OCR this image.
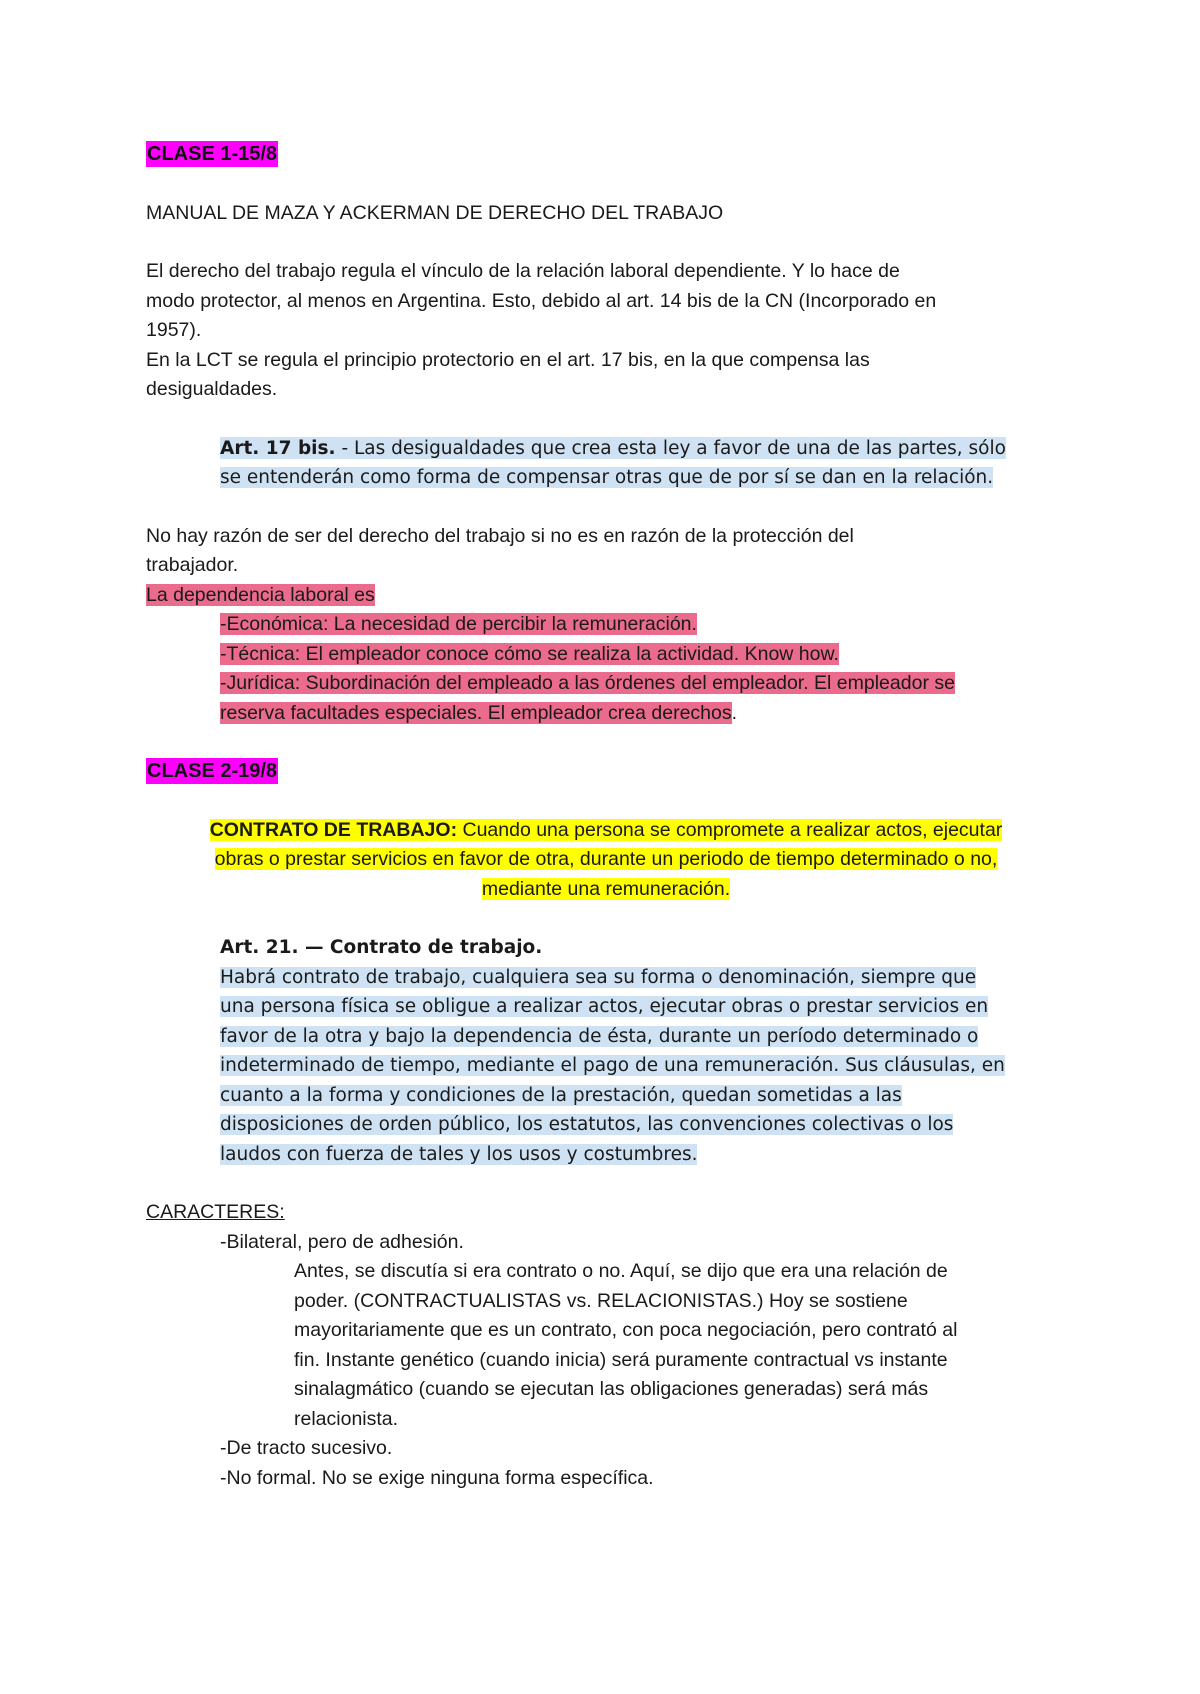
CLASE 1-15/8

MANUAL DE MAZA Y ACKERMAN DE DERECHO DEL TRABAJO

El derecho del trabajo regula el vínculo de la relación laboral dependiente. Y lo hace de

modo protector, al menos en Argentina. Esto, debido al art. 14 bis de la CN (Incorporado en

1957).

En la LCT se regula el principio protectorio en el art. 17 bis, en la que compensa las

desigualdades.

Art. 17 bis. - Las desigualdades que crea esta ley a favor de una de las partes, sólo

se entenderán como forma de compensar otras que de por sí se dan en la relación.

No hay razón de ser del derecho del trabajo si no es en razón de la protección del

trabajador.

La dependencia laboral es

-Económica: La necesidad de percibir la remuneración.

-Técnica: El empleador conoce cómo se realiza la actividad. Know how.

-Jurídica: Subordinación del empleado a las órdenes del empleador. El empleador se

reserva facultades especiales. El empleador crea derechos.

CLASE 2-19/8

CONTRATO DE TRABAJO: Cuando una persona se compromete a realizar actos, ejecutar

obras o prestar servicios en favor de otra, durante un periodo de tiempo determinado o no,

mediante una remuneración.

Art. 21. — Contrato de trabajo.

Habrá contrato de trabajo, cualquiera sea su forma o denominación, siempre que

una persona física se obligue a realizar actos, ejecutar obras o prestar servicios en

favor de la otra y bajo la dependencia de ésta, durante un período determinado o

indeterminado de tiempo, mediante el pago de una remuneración. Sus cláusulas, en

cuanto a la forma y condiciones de la prestación, quedan sometidas a las

disposiciones de orden público, los estatutos, las convenciones colectivas o los

laudos con fuerza de tales y los usos y costumbres.

CARACTERES:

-Bilateral, pero de adhesión.

Antes, se discutía si era contrato o no. Aquí, se dijo que era una relación de

poder. (CONTRACTUALISTAS vs. RELACIONISTAS.) Hoy se sostiene

mayoritariamente que es un contrato, con poca negociación, pero contrató al

fin. Instante genético (cuando inicia) será puramente contractual vs instante

sinalagmático (cuando se ejecutan las obligaciones generadas) será más

relacionista.

-De tracto sucesivo.

-No formal. No se exige ninguna forma específica.
